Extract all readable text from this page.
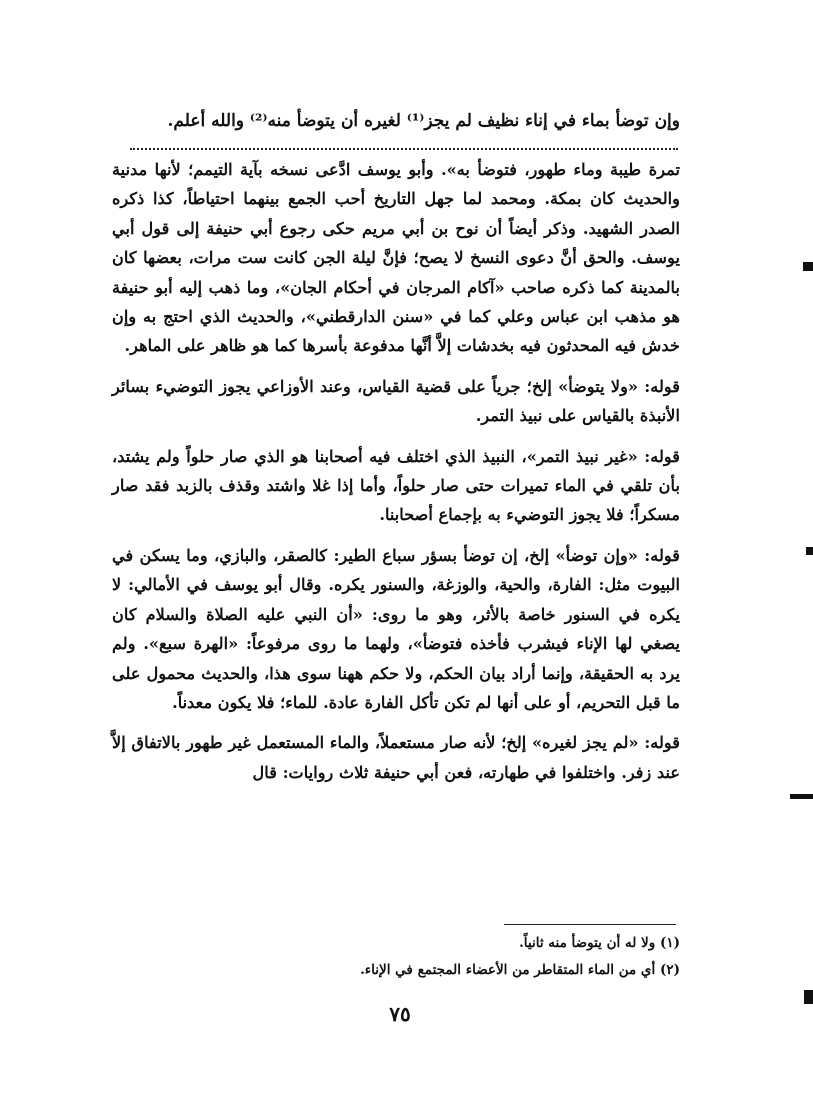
وإن توضأ بماء في إناء نظيف لم يجز⁽¹⁾ لغيره أن يتوضأ منه⁽²⁾ والله أعلم.

تمرة طيبة وماء طهور، فتوضأ به». وأبو يوسف ادَّعى نسخه بآية التيمم؛ لأنها مدنية والحديث كان بمكة. ومحمد لما جهل التاريخ أحب الجمع بينهما احتياطاً، كذا ذكره الصدر الشهيد. وذكر أيضاً أن نوح بن أبي مريم حكى رجوع أبي حنيفة إلى قول أبي يوسف. والحق أنَّ دعوى النسخ لا يصح؛ فإنَّ ليلة الجن كانت ست مرات، بعضها كان بالمدينة كما ذكره صاحب «آكام المرجان في أحكام الجان»، وما ذهب إليه أبو حنيفة هو مذهب ابن عباس وعلي كما في «سنن الدارقطني»، والحديث الذي احتج به وإن خدش فيه المحدثون فيه بخدشات إلاَّ أنَّها مدفوعة بأسرها كما هو ظاهر على الماهر.

قوله: «ولا يتوضأ» إلخ؛ جرياً على قضية القياس، وعند الأوزاعي يجوز التوضيء بسائر الأنبذة بالقياس على نبيذ التمر.

قوله: «غير نبيذ التمر»، النبيذ الذي اختلف فيه أصحابنا هو الذي صار حلواً ولم يشتد، بأن تلقي في الماء تميرات حتى صار حلواً، وأما إذا غلا واشتد وقذف بالزبد فقد صار مسكراً؛ فلا يجوز التوضيء به بإجماع أصحابنا.

قوله: «وإن توضأ» إلخ، إن توضأ بسؤر سباع الطير: كالصقر، والبازي، وما يسكن في البيوت مثل: الفارة، والحية، والوزغة، والسنور يكره. وقال أبو يوسف في الأمالي: لا يكره في السنور خاصة بالأثر، وهو ما روى: «أن النبي عليه الصلاة والسلام كان يصغي لها الإناء فيشرب فأخذه فتوضأ»، ولهما ما روى مرفوعاً: «الهرة سبع». ولم يرد به الحقيقة، وإنما أراد بيان الحكم، ولا حكم ههنا سوى هذا، والحديث محمول على ما قبل التحريم، أو على أنها لم تكن تأكل الفارة عادة. للماء؛ فلا يكون معدناً.

قوله: «لم يجز لغيره» إلخ؛ لأنه صار مستعملاً، والماء المستعمل غير طهور بالاتفاق إلاَّ عند زفر. واختلفوا في طهارته، فعن أبي حنيفة ثلاث روايات: قال

(١) ولا له أن يتوضأ منه ثانياً.

(٢) أي من الماء المتقاطر من الأعضاء المجتمع في الإناء.

٧٥
